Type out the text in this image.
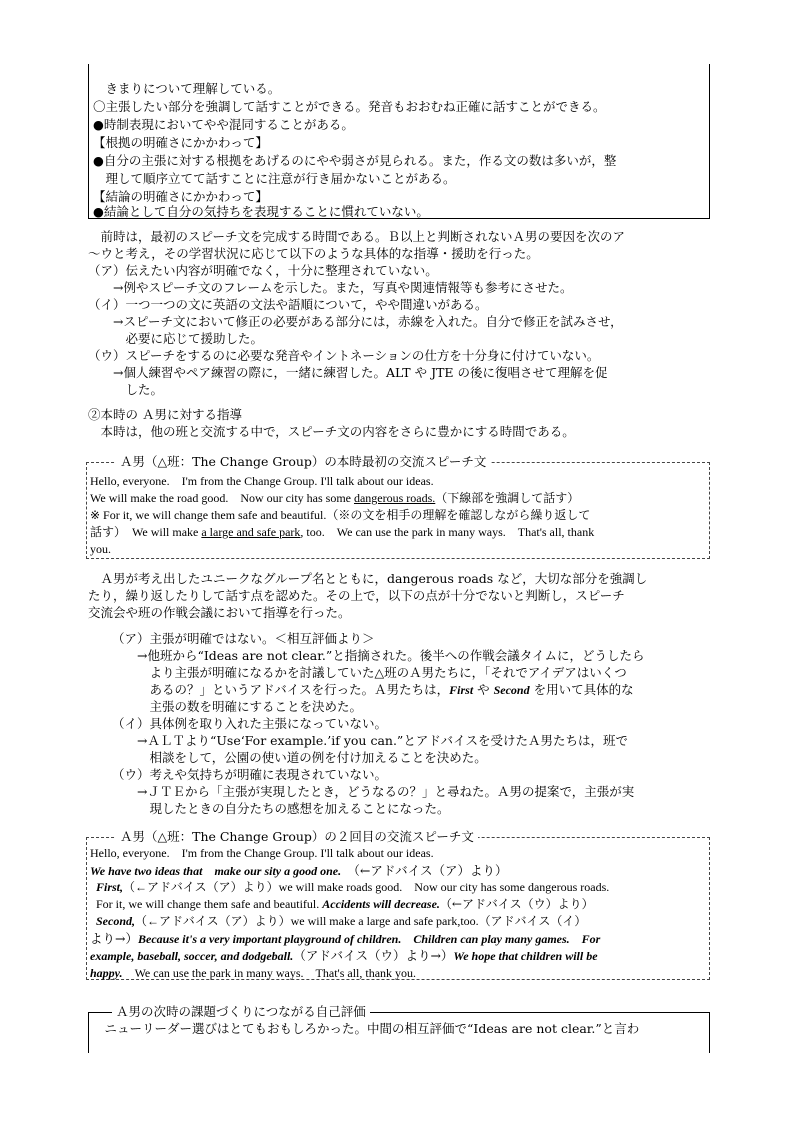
　きまりについて理解している。
〇主張したい部分を強調して話すことができる。発音もおおむね正確に話すことができる。
●時制表現においてやや混同することがある。
【根拠の明確さにかかわって】
●自分の主張に対する根拠をあげるのにやや弱さが見られる。また，作る文の数は多いが，整
　理して順序立てて話すことに注意が行き届かないことがある。
【結論の明確さにかかわって】
●結論として自分の気持ちを表現することに慣れていない。
　前時は，最初のスピーチ文を完成する時間である。Ｂ以上と判断されないＡ男の要因を次のア
～ウと考え，その学習状況に応じて以下のような具体的な指導・援助を行った。
（ア）伝えたい内容が明確でなく，十分に整理されていない。
　　→例やスピーチ文のフレームを示した。また，写真や関連情報等も参考にさせた。
（イ）一つ一つの文に英語の文法や語順について，やや間違いがある。
　　→スピーチ文において修正の必要がある部分には，赤線を入れた。自分で修正を試みさせ，
　　　必要に応じて援助した。
（ウ）スピーチをするのに必要な発音やイントネーションの仕方を十分身に付けていない。
　　→個人練習やペア練習の際に，一緒に練習した。ALT や JTE の後に復唱させて理解を促
　　　した。
②本時の Ａ男に対する指導
　本時は，他の班と交流する中で，スピーチ文の内容をさらに豊かにする時間である。
Ａ男（△班：The Change Group）の本時最初の交流スピーチ文
Hello, everyone.　I'm from the Change Group. I'll talk about our ideas.
We will make the road good.　Now our city has some dangerous roads.（下線部を強調して話す）
※ For it, we will change them safe and beautiful.（※の文を相手の理解を確認しながら繰り返して
話す）　We will make a large and safe park, too.　We can use the park in many ways.　That's all, thank
you.
　Ａ男が考え出したユニークなグループ名とともに，dangerous roads など，大切な部分を強調し
たり，繰り返したりして話す点を認めた。その上で，以下の点が十分でないと判断し，スピーチ
交流会や班の作戦会議において指導を行った。
（ア）主張が明確ではない。＜相互評価より＞
　　→他班から“Ideas are not clear.”と指摘された。後半への作戦会議タイムに，どうしたら
　　　より主張が明確になるかを討議していた△班のＡ男たちに，「それでアイデアはいくつ
　　　あるの？」というアドバイスを行った。Ａ男たちは，First や Second を用いて具体的な
　　　主張の数を明確にすることを決めた。
（イ）具体例を取り入れた主張になっていない。
　　→ＡＬＴより“Use‘For example.’if you can.”とアドバイスを受けたＡ男たちは，班で
　　　相談をして，公園の使い道の例を付け加えることを決めた。
（ウ）考えや気持ちが明確に表現されていない。
　　→ＪＴＥから「主張が実現したとき，どうなるの？」と尋ねた。Ａ男の提案で，主張が実
　　　現したときの自分たちの感想を加えることになった。
Ａ男（△班：The Change Group）の２回目の交流スピーチ文
Hello, everyone.　I'm from the Change Group. I'll talk about our ideas.
We have two ideas that　make our sity a good one.　（←アドバイス（ア）より）
First,（←アドバイス（ア）より）we will make roads good.　Now our city has some dangerous roads.
For it, we will change them safe and beautiful. Accidents will decrease.（←アドバイス（ウ）より）
Second,（←アドバイス（ア）より）we will make a large and safe park,too.（アドバイス（イ）
より→）Because it's a very important playground of children.　Children can play many games.　For
example, baseball, soccer, and dodgeball.（アドバイス（ウ）より→）We hope that children will be
happy.　We can use the park in many ways.　That's all, thank you.
Ａ男の次時の課題づくりにつながる自己評価
　ニューリーダー選びはとてもおもしろかった。中間の相互評価で“Ideas are not clear.”と言わ
